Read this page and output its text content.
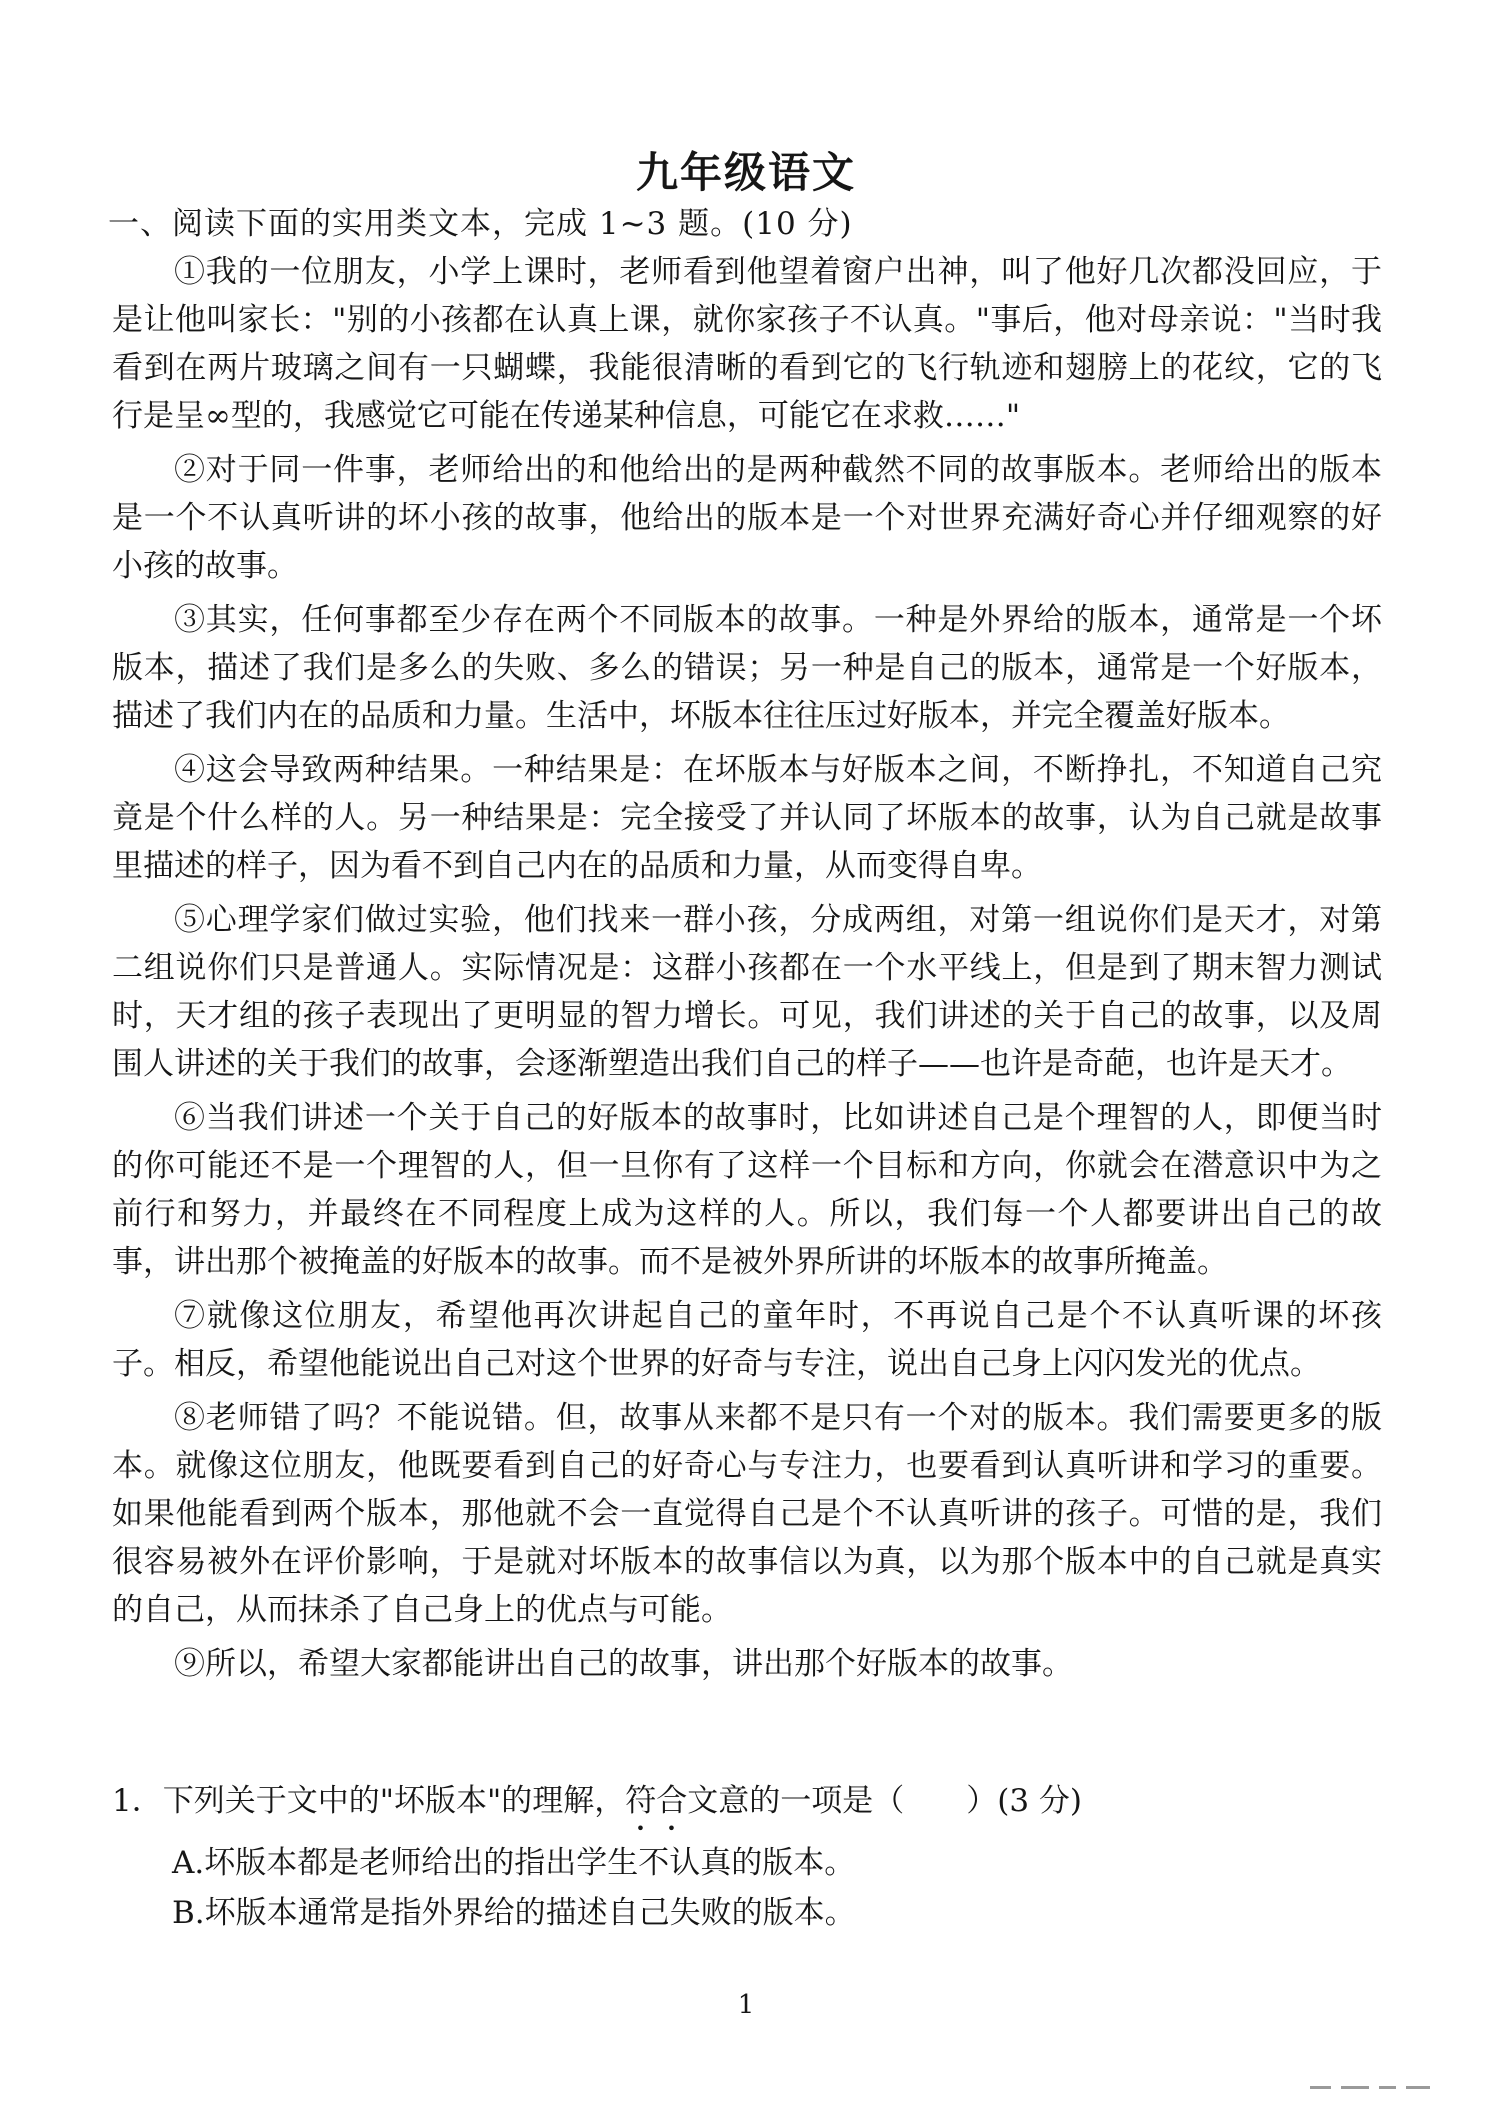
九年级语文
一、阅读下面的实用类文本，完成 1~3 题。(10 分)

①我的一位朋友，小学上课时，老师看到他望着窗户出神，叫了他好几次都没回应，于是让他叫家长："别的小孩都在认真上课，就你家孩子不认真。"事后，他对母亲说："当时我看到在两片玻璃之间有一只蝴蝶，我能很清晰的看到它的飞行轨迹和翅膀上的花纹，它的飞行是呈∞型的，我感觉它可能在传递某种信息，可能它在求救……"

②对于同一件事，老师给出的和他给出的是两种截然不同的故事版本。老师给出的版本是一个不认真听讲的坏小孩的故事，他给出的版本是一个对世界充满好奇心并仔细观察的好小孩的故事。

③其实，任何事都至少存在两个不同版本的故事。一种是外界给的版本，通常是一个坏版本，描述了我们是多么的失败、多么的错误；另一种是自己的版本，通常是一个好版本，描述了我们内在的品质和力量。生活中，坏版本往往压过好版本，并完全覆盖好版本。

④这会导致两种结果。一种结果是：在坏版本与好版本之间，不断挣扎，不知道自己究竟是个什么样的人。另一种结果是：完全接受了并认同了坏版本的故事，认为自己就是故事里描述的样子，因为看不到自己内在的品质和力量，从而变得自卑。

⑤心理学家们做过实验，他们找来一群小孩，分成两组，对第一组说你们是天才，对第二组说你们只是普通人。实际情况是：这群小孩都在一个水平线上，但是到了期末智力测试时，天才组的孩子表现出了更明显的智力增长。可见，我们讲述的关于自己的故事，以及周围人讲述的关于我们的故事，会逐渐塑造出我们自己的样子——也许是奇葩，也许是天才。

⑥当我们讲述一个关于自己的好版本的故事时，比如讲述自己是个理智的人，即便当时的你可能还不是一个理智的人，但一旦你有了这样一个目标和方向，你就会在潜意识中为之前行和努力，并最终在不同程度上成为这样的人。所以，我们每一个人都要讲出自己的故事，讲出那个被掩盖的好版本的故事。而不是被外界所讲的坏版本的故事所掩盖。

⑦就像这位朋友，希望他再次讲起自己的童年时，不再说自己是个不认真听课的坏孩子。相反，希望他能说出自己对这个世界的好奇与专注，说出自己身上闪闪发光的优点。

⑧老师错了吗？不能说错。但，故事从来都不是只有一个对的版本。我们需要更多的版本。就像这位朋友，他既要看到自己的好奇心与专注力，也要看到认真听讲和学习的重要。如果他能看到两个版本，那他就不会一直觉得自己是个不认真听讲的孩子。可惜的是，我们很容易被外在评价影响，于是就对坏版本的故事信以为真，以为那个版本中的自己就是真实的自己，从而抹杀了自己身上的优点与可能。

⑨所以，希望大家都能讲出自己的故事，讲出那个好版本的故事。

1．下列关于文中的"坏版本"的理解，符合文意的一项是（　　）(3 分)

A.坏版本都是老师给出的指出学生不认真的版本。

B.坏版本通常是指外界给的描述自己失败的版本。

1
